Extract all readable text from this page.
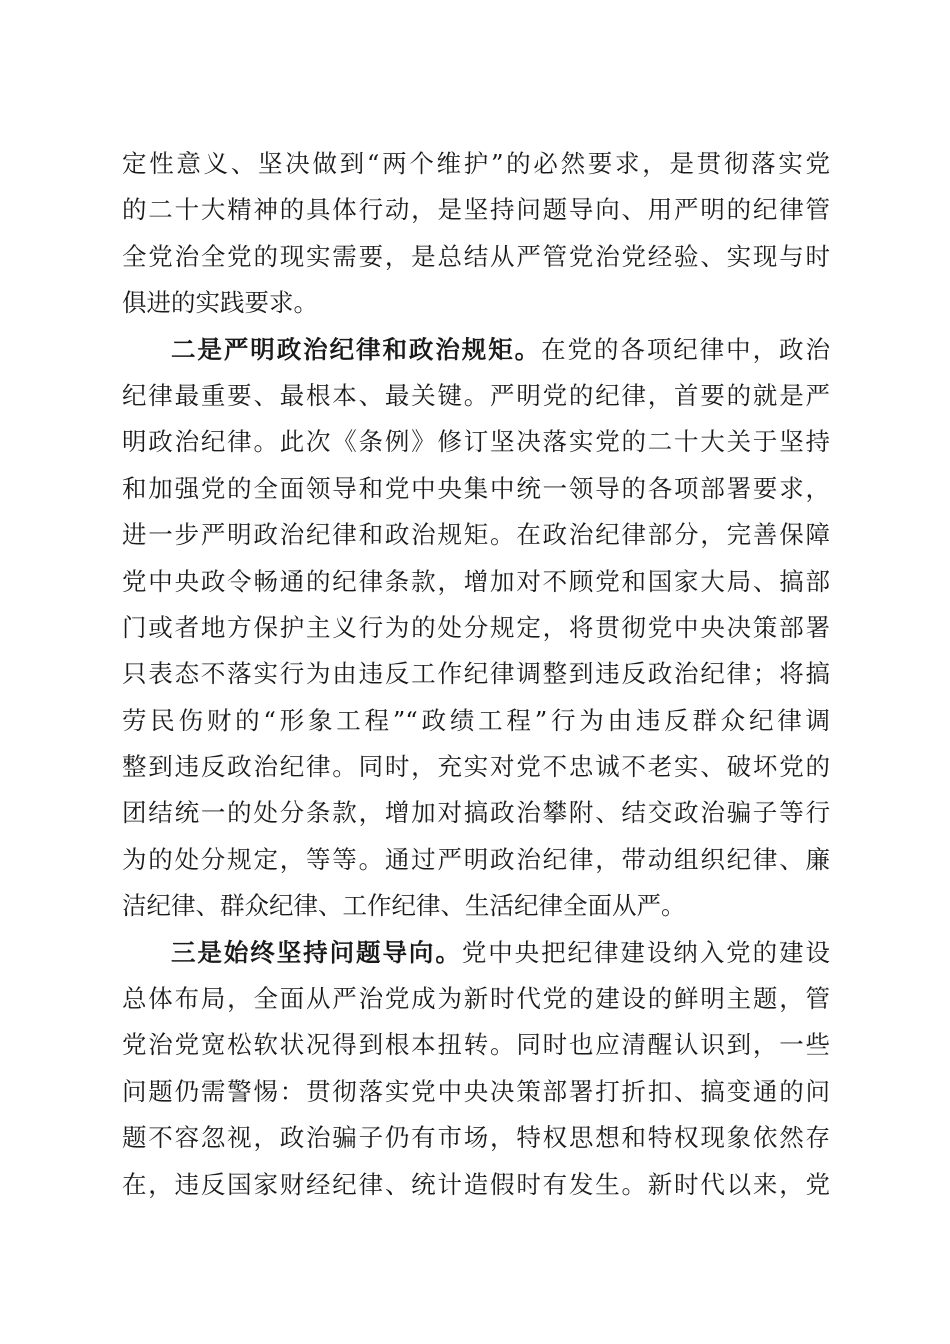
定性意义、坚决做到“两个维护”的必然要求，是贯彻落实党
的二十大精神的具体行动，是坚持问题导向、用严明的纪律管
全党治全党的现实需要，是总结从严管党治党经验、实现与时
俱进的实践要求。
二是严明政治纪律和政治规矩。在党的各项纪律中，政治
纪律最重要、最根本、最关键。严明党的纪律，首要的就是严
明政治纪律。此次《条例》修订坚决落实党的二十大关于坚持
和加强党的全面领导和党中央集中统一领导的各项部署要求，
进一步严明政治纪律和政治规矩。在政治纪律部分，完善保障
党中央政令畅通的纪律条款，增加对不顾党和国家大局、搞部
门或者地方保护主义行为的处分规定，将贯彻党中央决策部署
只表态不落实行为由违反工作纪律调整到违反政治纪律；将搞
劳民伤财的“形象工程”“政绩工程”行为由违反群众纪律调
整到违反政治纪律。同时，充实对党不忠诚不老实、破坏党的
团结统一的处分条款，增加对搞政治攀附、结交政治骗子等行
为的处分规定，等等。通过严明政治纪律，带动组织纪律、廉
洁纪律、群众纪律、工作纪律、生活纪律全面从严。
三是始终坚持问题导向。党中央把纪律建设纳入党的建设
总体布局，全面从严治党成为新时代党的建设的鲜明主题，管
党治党宽松软状况得到根本扭转。同时也应清醒认识到，一些
问题仍需警惕：贯彻落实党中央决策部署打折扣、搞变通的问
题不容忽视，政治骗子仍有市场，特权思想和特权现象依然存
在，违反国家财经纪律、统计造假时有发生。新时代以来，党
